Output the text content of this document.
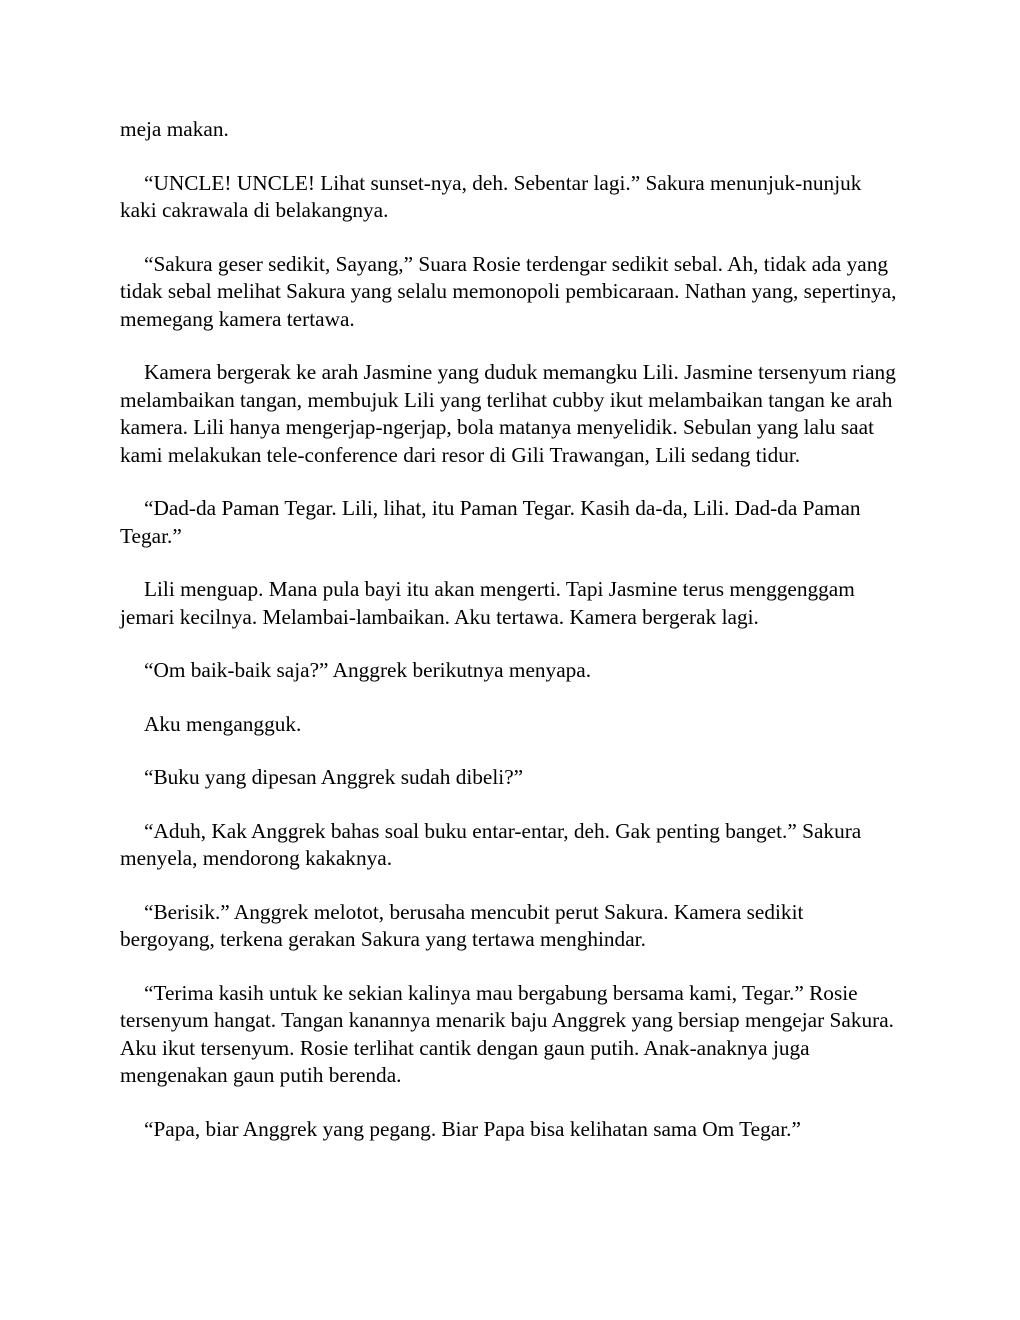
meja makan.

“UNCLE! UNCLE! Lihat sunset-nya, deh. Sebentar lagi.” Sakura menunjuk-nunjuk kaki cakrawala di belakangnya.

“Sakura geser sedikit, Sayang,” Suara Rosie terdengar sedikit sebal. Ah, tidak ada yang tidak sebal melihat Sakura yang selalu memonopoli pembicaraan. Nathan yang, sepertinya, memegang kamera tertawa.

Kamera bergerak ke arah Jasmine yang duduk memangku Lili. Jasmine tersenyum riang melambaikan tangan, membujuk Lili yang terlihat cubby ikut melambaikan tangan ke arah kamera. Lili hanya mengerjap-ngerjap, bola matanya menyelidik. Sebulan yang lalu saat kami melakukan tele-conference dari resor di Gili Trawangan, Lili sedang tidur.

“Dad-da Paman Tegar. Lili, lihat, itu Paman Tegar. Kasih da-da, Lili. Dad-da Paman Tegar.”

Lili menguap. Mana pula bayi itu akan mengerti. Tapi Jasmine terus menggenggam jemari kecilnya. Melambai-lambaikan. Aku tertawa. Kamera bergerak lagi.

“Om baik-baik saja?” Anggrek berikutnya menyapa.

Aku mengangguk.

“Buku yang dipesan Anggrek sudah dibeli?”

“Aduh, Kak Anggrek bahas soal buku entar-entar, deh. Gak penting banget.” Sakura menyela, mendorong kakaknya.

“Berisik.” Anggrek melotot, berusaha mencubit perut Sakura. Kamera sedikit bergoyang, terkena gerakan Sakura yang tertawa menghindar.

“Terima kasih untuk ke sekian kalinya mau bergabung bersama kami, Tegar.” Rosie tersenyum hangat. Tangan kanannya menarik baju Anggrek yang bersiap mengejar Sakura. Aku ikut tersenyum. Rosie terlihat cantik dengan gaun putih. Anak-anaknya juga mengenakan gaun putih berenda.

“Papa, biar Anggrek yang pegang. Biar Papa bisa kelihatan sama Om Tegar.”
